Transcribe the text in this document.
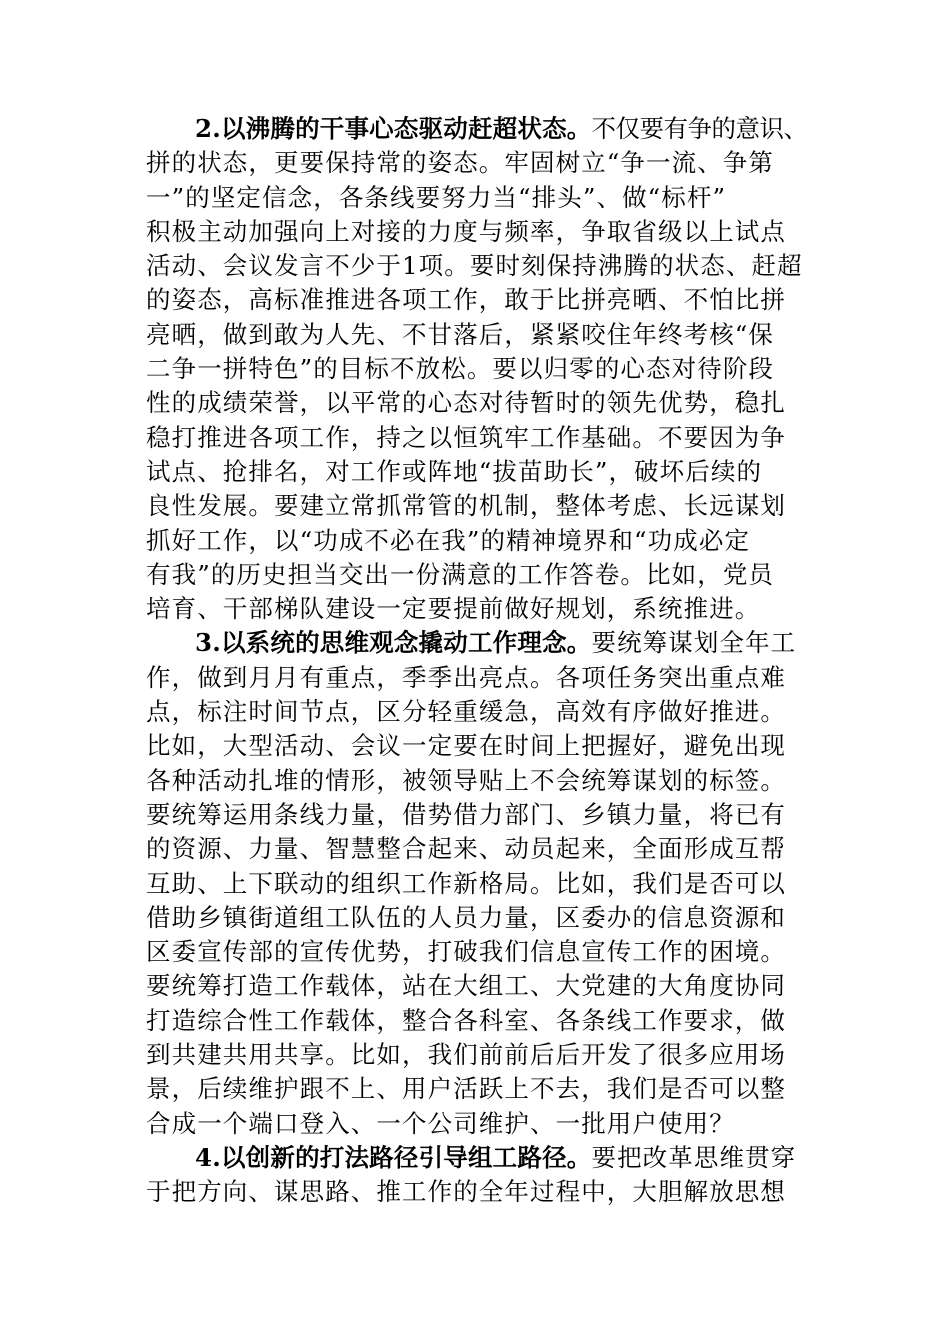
2.以沸腾的干事心态驱动赶超状态。不仅要有争的意识、
拼的状态，更要保持常的姿态。牢固树立“争一流、争第
一”的坚定信念，各条线要努力当“排头”、做“标杆”
积极主动加强向上对接的力度与频率，争取省级以上试点
活动、会议发言不少于1项。要时刻保持沸腾的状态、赶超
的姿态，高标准推进各项工作，敢于比拼亮晒、不怕比拼
亮晒，做到敢为人先、不甘落后，紧紧咬住年终考核“保
二争一拼特色”的目标不放松。要以归零的心态对待阶段
性的成绩荣誉，以平常的心态对待暂时的领先优势，稳扎
稳打推进各项工作，持之以恒筑牢工作基础。不要因为争
试点、抢排名，对工作或阵地“拔苗助长”，破坏后续的
良性发展。要建立常抓常管的机制，整体考虑、长远谋划
抓好工作，以“功成不必在我”的精神境界和“功成必定
有我”的历史担当交出一份满意的工作答卷。比如，党员
培育、干部梯队建设一定要提前做好规划，系统推进。
3.以系统的思维观念撬动工作理念。要统筹谋划全年工
作，做到月月有重点，季季出亮点。各项任务突出重点难
点，标注时间节点，区分轻重缓急，高效有序做好推进。
比如，大型活动、会议一定要在时间上把握好，避免出现
各种活动扎堆的情形，被领导贴上不会统筹谋划的标签。
要统筹运用条线力量，借势借力部门、乡镇力量，将已有
的资源、力量、智慧整合起来、动员起来，全面形成互帮
互助、上下联动的组织工作新格局。比如，我们是否可以
借助乡镇街道组工队伍的人员力量，区委办的信息资源和
区委宣传部的宣传优势，打破我们信息宣传工作的困境。
要统筹打造工作载体，站在大组工、大党建的大角度协同
打造综合性工作载体，整合各科室、各条线工作要求，做
到共建共用共享。比如，我们前前后后开发了很多应用场
景，后续维护跟不上、用户活跃上不去，我们是否可以整
合成一个端口登入、一个公司维护、一批用户使用？
4.以创新的打法路径引导组工路径。要把改革思维贯穿
于把方向、谋思路、推工作的全年过程中，大胆解放思想
